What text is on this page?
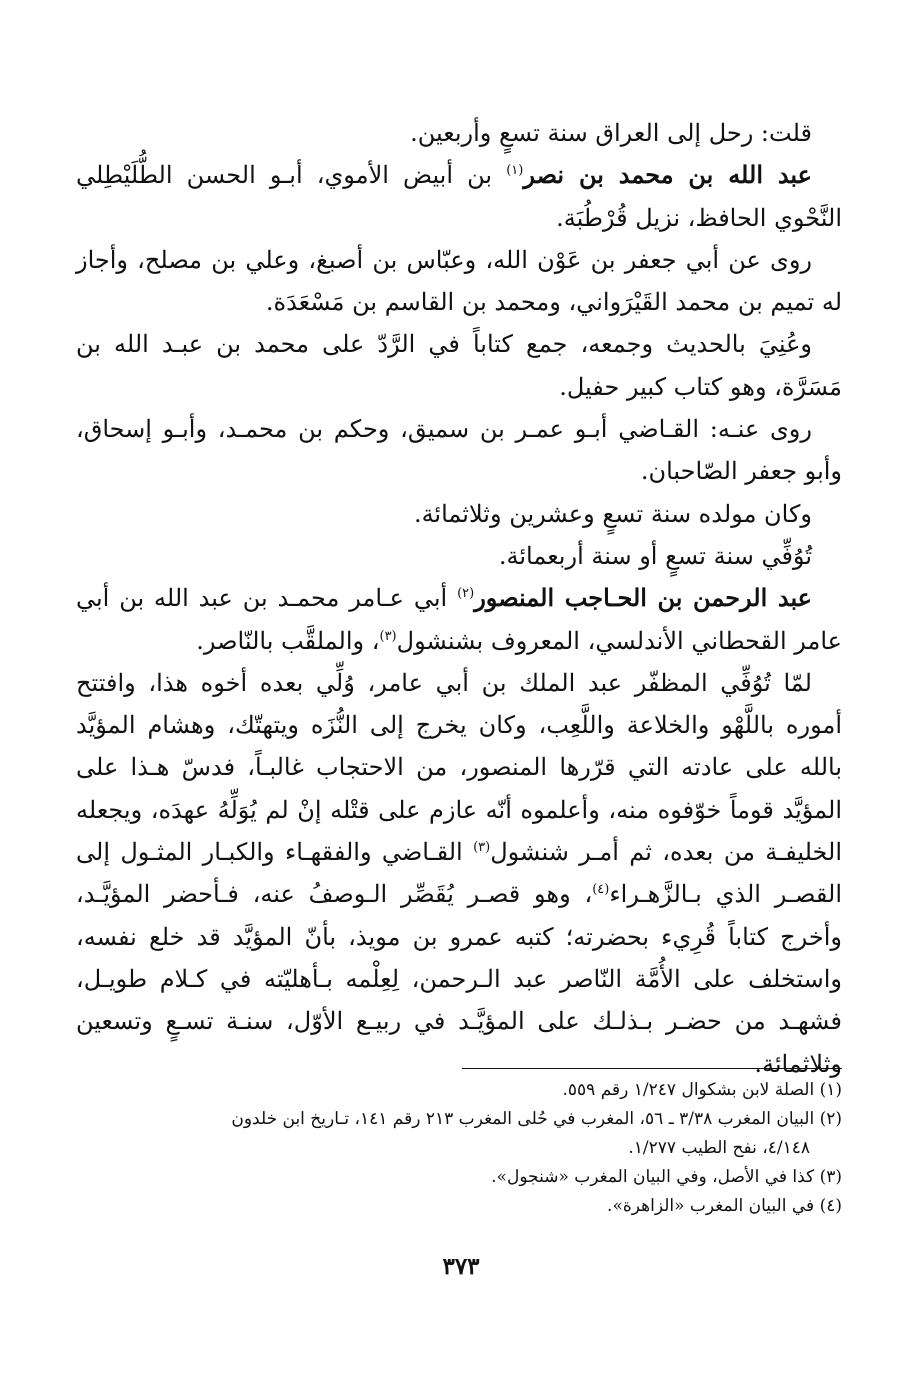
قلت: رحل إلى العراق سنة تسعٍ وأربعين.

عبد الله بن محمد بن نصر$^{(١)}$ بن أبيض الأموي، أبـو الحسن الطُّلَيْطِلي النَّحْوي الحافظ، نزيل قُرْطُبَة.

روى عن أبي جعفر بن عَوْن الله، وعبّاس بن أصبغ، وعلي بن مصلح، وأجاز له تميم بن محمد القَيْرَواني، ومحمد بن القاسم بن مَسْعَدَة.

وعُنِيَ بالحديث وجمعه، جمع كتاباً في الرَّدّ على محمد بن عبـد الله بن مَسَرَّة، وهو كتاب كبير حفيل.

روى عنـه: القـاضي أبـو عمـر بن سميق، وحكم بن محمـد، وأبـو إسحاق، وأبو جعفر الصّاحبان.

وكان مولده سنة تسعٍ وعشرين وثلاثمائة.

تُوُفِّي سنة تسعٍ أو سنة أربعمائة.

عبد الرحمن بن الحـاجب المنصور$^{(٢)}$ أبي عـامر محمـد بن عبد الله بن أبي عامر القحطاني الأندلسي، المعروف بشنشول$^{(٣)}$، والملقَّب بالنّاصر.

لمّا تُوُفِّي المظفّر عبد الملك بن أبي عامر، وُلِّي بعده أخوه هذا، وافتتح أموره باللَّهْو والخلاعة واللَّعِب، وكان يخرج إلى النُّزَه ويتهتّك، وهشام المؤيَّد بالله على عادته التي قرّرها المنصور، من الاحتجاب غالبـاً، فدسّ هـذا على المؤيَّد قوماً خوّفوه منه، وأعلموه أنّه عازم على قتْله إنْ لم يُوَلِّهُ عهدَه، ويجعله الخليفـة من بعده، ثم أمـر شنشول$^{(٣)}$ القـاضي والفقهـاء والكبـار المثـول إلى القصـر الذي بـالزَّهـراء$^{(٤)}$، وهو قصـر يُقَصِّر الـوصفُ عنه، فـأحضر المؤيَّـد، وأخرج كتاباً قُرِيء بحضرته؛ كتبه عمرو بن مويذ، بأنّ المؤيَّد قد خلع نفسه، واستخلف على الأُمَّة النّاصر عبد الـرحمن، لِعِلْمه بـأهليّته في كـلام طويـل، فشهـد من حضـر بـذلـك على المؤيَّـد في ربيـع الأوّل، سنـة تسـعٍ وتسعين وثلاثمائة.

(١) الصلة لابن بشكوال ١/٢٤٧ رقم ٥٥٩.

(٢) البيان المغرب ٣/٣٨ ـ ٥٦، المغرب في حُلى المغرب ٢١٣ رقم ١٤١، تـاريخ ابن خلدون

٤/١٤٨، نفح الطيب ١/٢٧٧.

(٣) كذا في الأصل، وفي البيان المغرب «شنجول».

(٤) في البيان المغرب «الزاهرة».

٣٧٣
